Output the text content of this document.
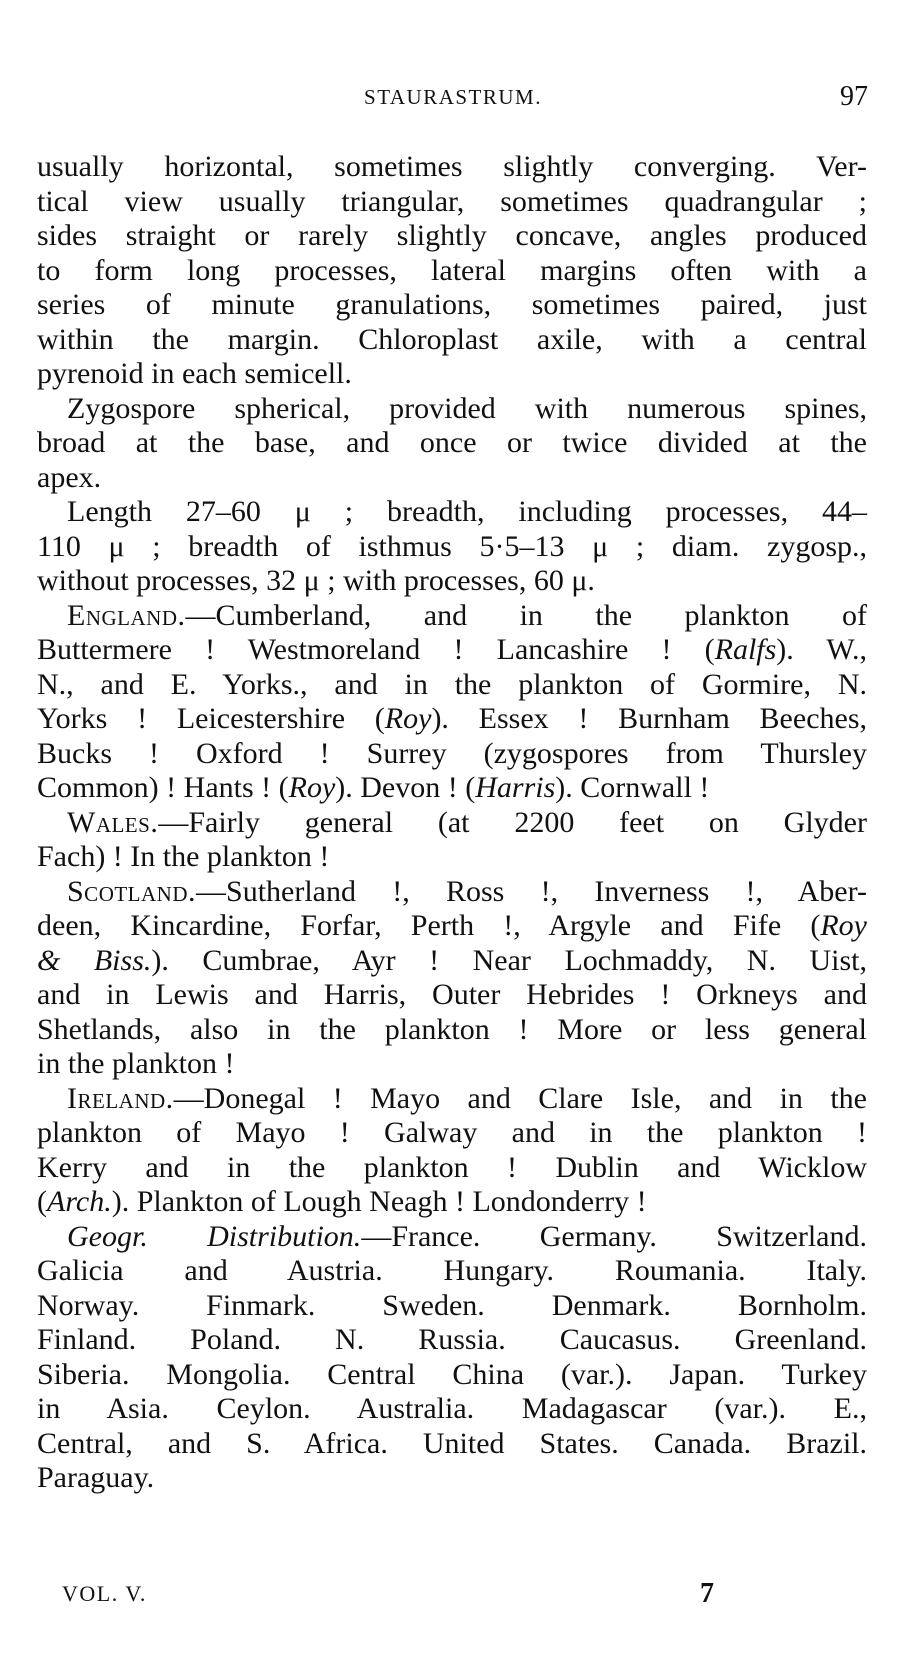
STAURASTRUM.	97
usually horizontal, sometimes slightly converging. Ver-
tical view usually triangular, sometimes quadrangular ;
sides straight or rarely slightly concave, angles produced
to form long processes, lateral margins often with a
series of minute granulations, sometimes paired, just
within the margin. Chloroplast axile, with a central
pyrenoid in each semicell.
Zygospore spherical, provided with numerous spines,
broad at the base, and once or twice divided at the
apex.
Length 27–60 μ ; breadth, including processes, 44–
110 μ ; breadth of isthmus 5·5–13 μ ; diam. zygosp.,
without processes, 32 μ ; with processes, 60 μ.
England.—Cumberland, and in the plankton of
Buttermere ! Westmoreland ! Lancashire ! (Ralfs). W.,
N., and E. Yorks., and in the plankton of Gormire, N.
Yorks ! Leicestershire (Roy). Essex ! Burnham Beeches,
Bucks ! Oxford ! Surrey (zygospores from Thursley
Common) ! Hants ! (Roy). Devon ! (Harris). Cornwall !
Wales.—Fairly general (at 2200 feet on Glyder
Fach) ! In the plankton !
Scotland.—Sutherland !, Ross !, Inverness !, Aber-
deen, Kincardine, Forfar, Perth !, Argyle and Fife (Roy
& Biss.). Cumbrae, Ayr ! Near Lochmaddy, N. Uist,
and in Lewis and Harris, Outer Hebrides ! Orkneys and
Shetlands, also in the plankton ! More or less general
in the plankton !
Ireland.—Donegal ! Mayo and Clare Isle, and in the
plankton of Mayo ! Galway and in the plankton !
Kerry and in the plankton ! Dublin and Wicklow
(Arch.). Plankton of Lough Neagh ! Londonderry !
Geogr. Distribution.—France. Germany. Switzerland.
Galicia and Austria. Hungary. Roumania. Italy.
Norway. Finmark. Sweden. Denmark. Bornholm.
Finland. Poland. N. Russia. Caucasus. Greenland.
Siberia. Mongolia. Central China (var.). Japan. Turkey
in Asia. Ceylon. Australia. Madagascar (var.). E.,
Central, and S. Africa. United States. Canada. Brazil.
Paraguay.
VOL. V.	7
